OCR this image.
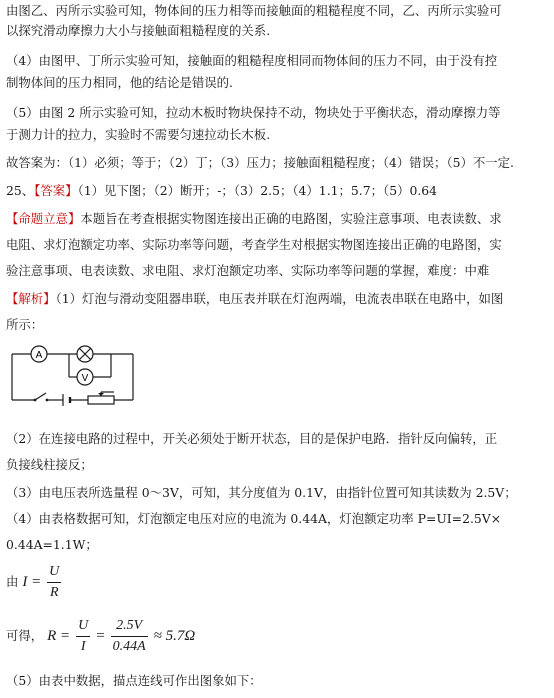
由图乙、丙所示实验可知，物体间的压力相等而接触面的粗糙程度不同，乙、丙所示实验可
以探究滑动摩擦力大小与接触面粗糙程度的关系.
（4）由图甲、丁所示实验可知，接触面的粗糙程度相同而物体间的压力不同，由于没有控
制物体间的压力相同，他的结论是错误的.
（5）由图 2 所示实验可知，拉动木板时物块保持不动，物块处于平衡状态，滑动摩擦力等
于测力计的拉力，实验时不需要匀速拉动长木板.
故答案为：（1）必须；等于；（2）丁；（3）压力；接触面粗糙程度；（4）错误；（5）不一定.
25、【答案】（1）见下图；（2）断开；-；（3）2.5；（4）1.1；5.7；（5）0.64
【命题立意】本题旨在考查根据实物图连接出正确的电路图，实验注意事项、电表读数、求
电阻、求灯泡额定功率、实际功率等问题，考查学生对根据实物图连接出正确的电路图，实
验注意事项、电表读数、求电阻、求灯泡额定功率、实际功率等问题的掌握，难度：中难
【解析】（1）灯泡与滑动变阻器串联，电压表并联在灯泡两端，电流表串联在电路中，如图
所示：
A
V
（2）在连接电路的过程中，开关必须处于断开状态，目的是保护电路．指针反向偏转，正
负接线柱接反；
（3）由电压表所选量程 0～3V，可知，其分度值为 0.1V，由指针位置可知其读数为 2.5V；
（4）由表格数据可知，灯泡额定电压对应的电流为 0.44A，灯泡额定功率 P=UI=2.5V×
0.44A=1.1W；
由 $I = \frac{U}{R}$
可得， $R = \frac{U}{I} = \frac{2.5V}{0.44A} \approx 5.7\Omega$
（5）由表中数据，描点连线可作出图象如下：
